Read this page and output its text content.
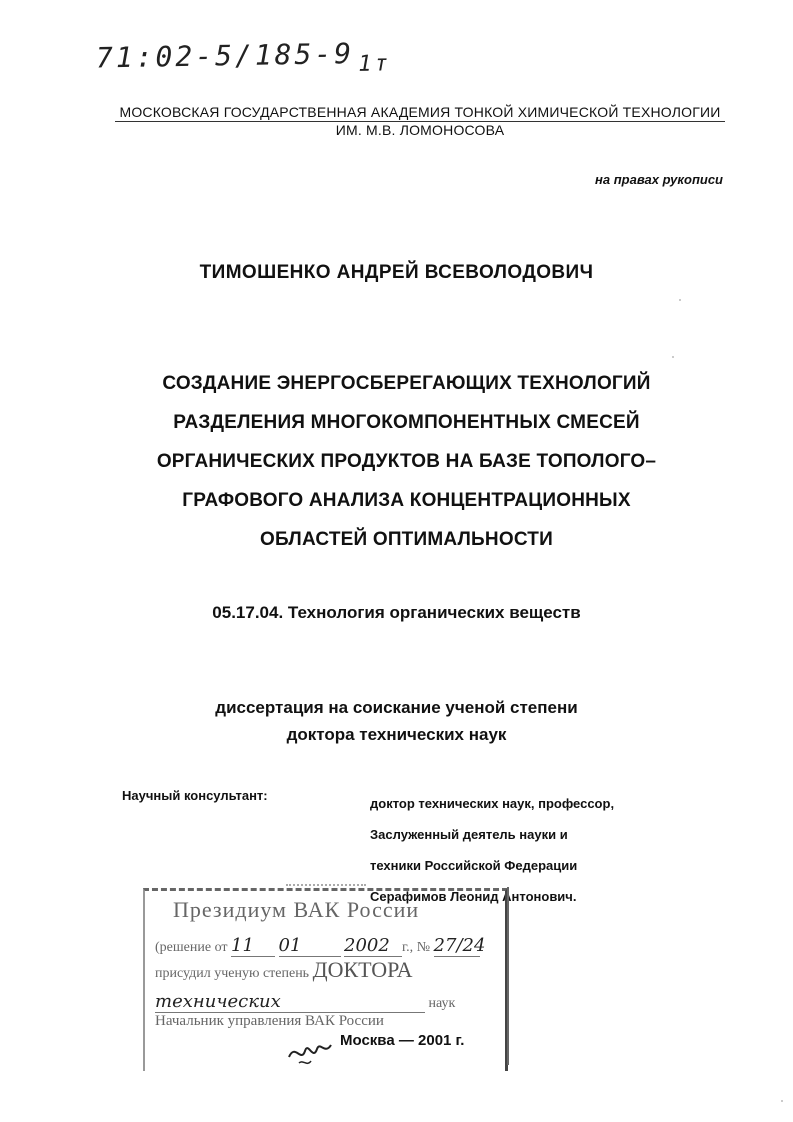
71:02-5/185-9 $_{1т}$
МОСКОВСКАЯ ГОСУДАРСТВЕННАЯ АКАДЕМИЯ ТОНКОЙ ХИМИЧЕСКОЙ ТЕХНОЛОГИИ
ИМ. М.В. ЛОМОНОСОВА
на правах рукописи
ТИМОШЕНКО АНДРЕЙ ВСЕВОЛОДОВИЧ
СОЗДАНИЕ ЭНЕРГОСБЕРЕГАЮЩИХ ТЕХНОЛОГИЙ
РАЗДЕЛЕНИЯ МНОГОКОМПОНЕНТНЫХ СМЕСЕЙ
ОРГАНИЧЕСКИХ ПРОДУКТОВ НА БАЗЕ ТОПОЛОГО–
ГРАФОВОГО АНАЛИЗА КОНЦЕНТРАЦИОННЫХ
ОБЛАСТЕЙ ОПТИМАЛЬНОСТИ
05.17.04. Технология органических веществ
диссертация на соискание ученой степени
доктора технических наук
Научный консультант:
доктор технических наук, профессор,
Заслуженный деятель науки и
техники Российской Федерации
Серафимов Леонид Антонович.
Президиум ВАК России
(решение от 11 01 2002 г., № 27/24
присудил ученую степень ДОКТОРА
технических	наук
Начальник управления ВАК России
Москва — 2001 г.
